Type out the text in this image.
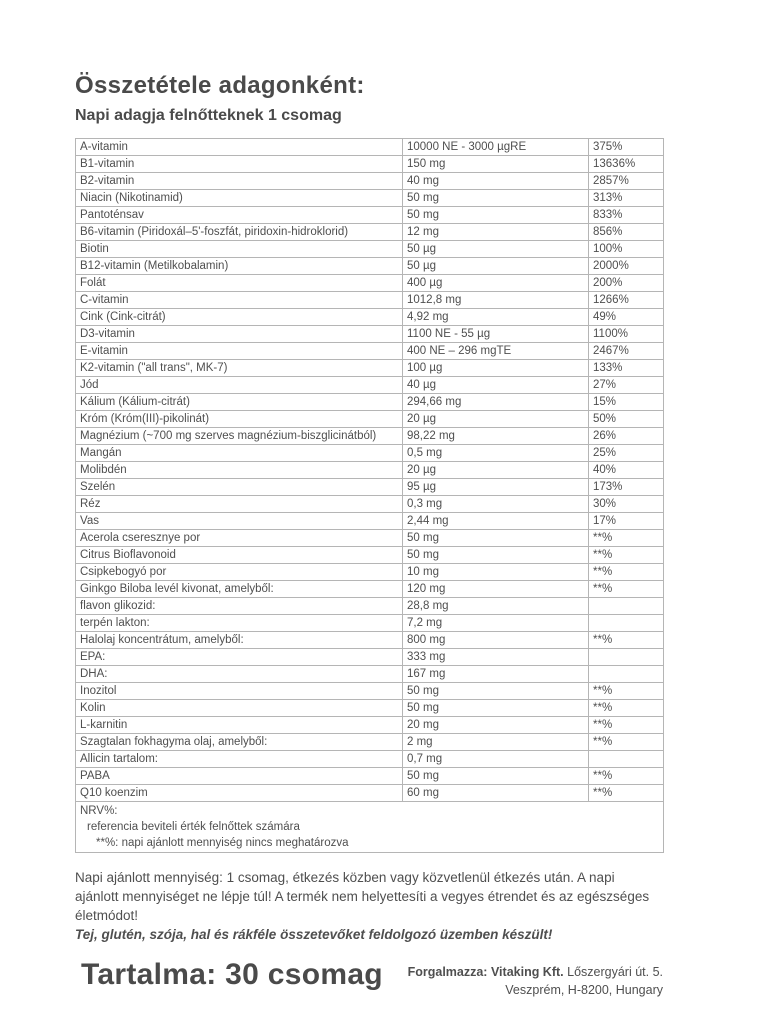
Összetétele adagonként:
Napi adagja felnőtteknek 1 csomag
A-vitamin	10000 NE - 3000 µgRE	375%
B1-vitamin	150 mg	13636%
B2-vitamin	40 mg	2857%
Niacin (Nikotinamid)	50 mg	313%
Pantoténsav	50 mg	833%
B6-vitamin (Piridoxál–5'-foszfát, piridoxin-hidroklorid)	12 mg	856%
Biotin	50 µg	100%
B12-vitamin (Metilkobalamin)	50 µg	2000%
Folát	400 µg	200%
C-vitamin	1012,8 mg	1266%
Cink (Cink-citrát)	4,92 mg	49%
D3-vitamin	1100 NE - 55 µg	1100%
E-vitamin	400 NE – 296 mgTE	2467%
K2-vitamin ("all trans", MK-7)	100 µg	133%
Jód	40 µg	27%
Kálium (Kálium-citrát)	294,66 mg	15%
Króm (Króm(III)-pikolinát)	20 µg	50%
Magnézium (~700 mg szerves magnézium-biszglicinátból)	98,22 mg	26%
Mangán	0,5 mg	25%
Molibdén	20 µg	40%
Szelén	95 µg	173%
Réz	0,3 mg	30%
Vas	2,44 mg	17%
Acerola cseresznye por	50 mg	**%
Citrus Bioflavonoid	50 mg	**%
Csipkebogyó por	10 mg	**%
Ginkgo Biloba levél kivonat, amelyből:	120 mg	**%
flavon glikozid:	28,8 mg	
terpén lakton:	7,2 mg	
Halolaj koncentrátum, amelyből:	800 mg	**%
EPA:	333 mg	
DHA:	167 mg	
Inozitol	50 mg	**%
Kolin	50 mg	**%
L-karnitin	20 mg	**%
Szagtalan fokhagyma olaj, amelyből:	2 mg	**%
Allicin tartalom:	0,7 mg	
PABA	50 mg	**%
Q10 koenzim	60 mg	**%

NRV%:
referencia beviteli érték felnőttek számára
**%: napi ajánlott mennyiség nincs meghatározva		

Napi ajánlott mennyiség: 1 csomag, étkezés közben vagy közvetlenül étkezés után. A napi ajánlott mennyiséget ne lépje túl! A termék nem helyettesíti a vegyes étrendet és az egészséges életmódot!

Tej, glutén, szója, hal és rákféle összetevőket feldolgozó üzemben készült!

Tartalma: 30 csomag Forgalmazza: Vitaking Kft. Lőszergyári út. 5.
Veszprém, H-8200, Hungary
